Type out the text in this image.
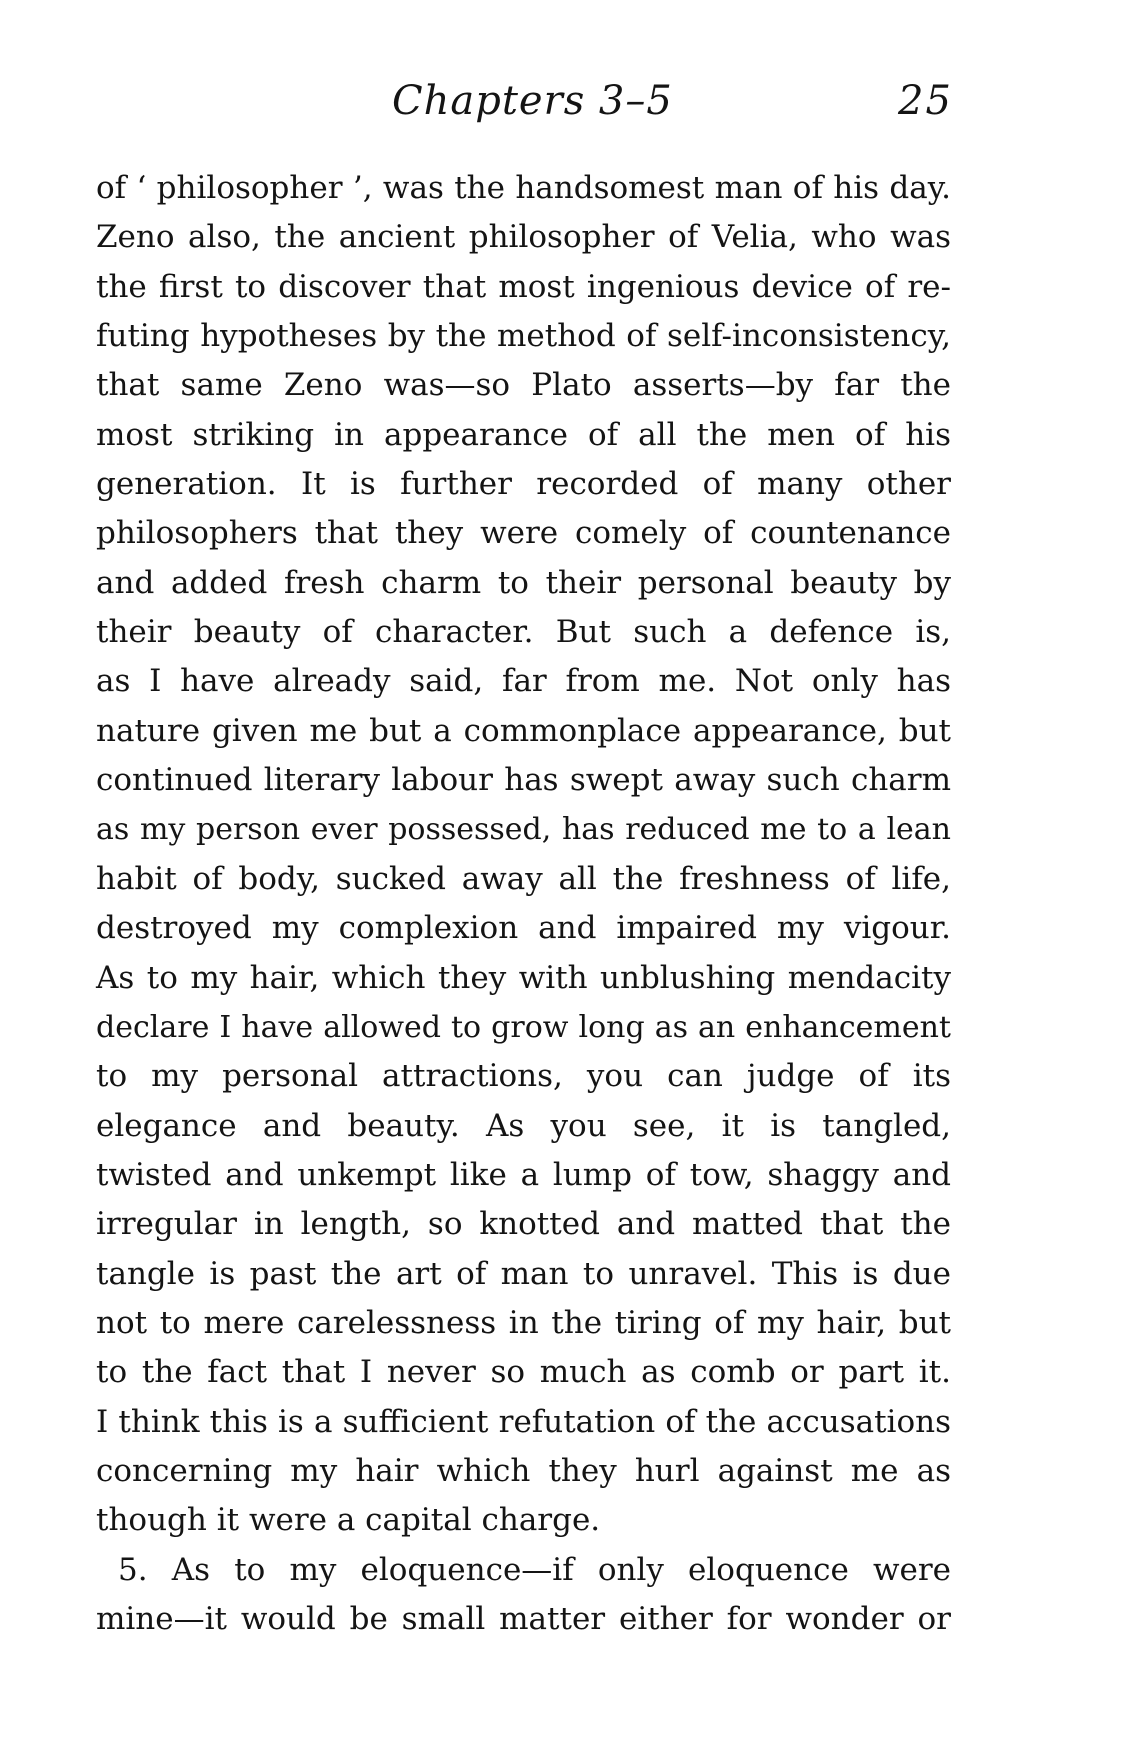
Chapters 3–5	25
of ‘ philosopher ’, was the handsomest man of his day.
Zeno also, the ancient philosopher of Velia, who was
the first to discover that most ingenious device of re-
futing hypotheses by the method of self-inconsistency,
that same Zeno was—so Plato asserts—by far the
most striking in appearance of all the men of his
generation. It is further recorded of many other
philosophers that they were comely of countenance
and added fresh charm to their personal beauty by
their beauty of character. But such a defence is,
as I have already said, far from me. Not only has
nature given me but a commonplace appearance, but
continued literary labour has swept away such charm
as my person ever possessed, has reduced me to a lean
habit of body, sucked away all the freshness of life,
destroyed my complexion and impaired my vigour.
As to my hair, which they with unblushing mendacity
declare I have allowed to grow long as an enhancement
to my personal attractions, you can judge of its
elegance and beauty. As you see, it is tangled,
twisted and unkempt like a lump of tow, shaggy and
irregular in length, so knotted and matted that the
tangle is past the art of man to unravel. This is due
not to mere carelessness in the tiring of my hair, but
to the fact that I never so much as comb or part it.
I think this is a sufficient refutation of the accusations
concerning my hair which they hurl against me as
though it were a capital charge.
5. As to my eloquence—if only eloquence were
mine—it would be small matter either for wonder or
